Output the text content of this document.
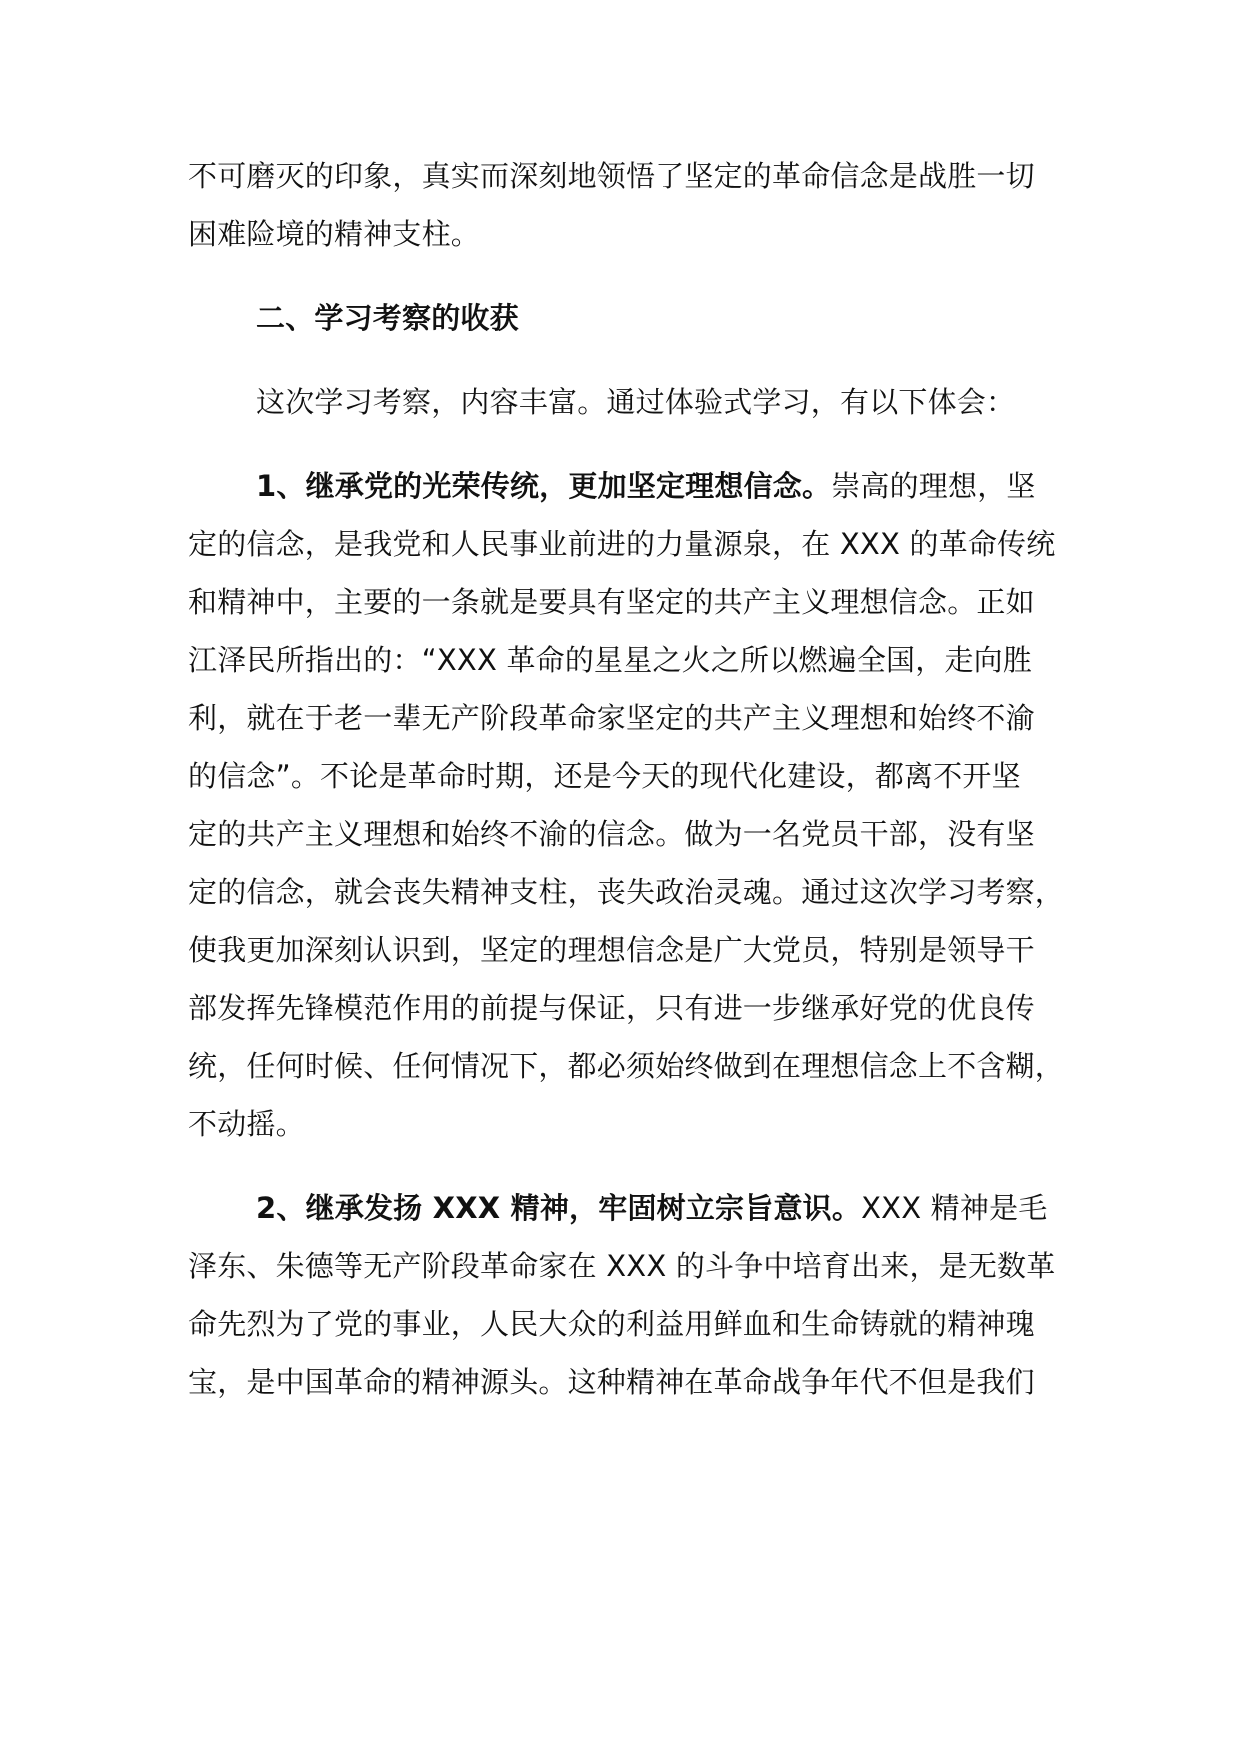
不可磨灭的印象，真实而深刻地领悟了坚定的革命信念是战胜一切
困难险境的精神支柱。
二、学习考察的收获
这次学习考察，内容丰富。通过体验式学习，有以下体会：
1、继承党的光荣传统，更加坚定理想信念。崇高的理想，坚
定的信念，是我党和人民事业前进的力量源泉，在 XXX 的革命传统
和精神中，主要的一条就是要具有坚定的共产主义理想信念。正如
江泽民所指出的：“XXX 革命的星星之火之所以燃遍全国，走向胜
利，就在于老一辈无产阶段革命家坚定的共产主义理想和始终不渝
的信念”。不论是革命时期，还是今天的现代化建设，都离不开坚
定的共产主义理想和始终不渝的信念。做为一名党员干部，没有坚
定的信念，就会丧失精神支柱，丧失政治灵魂。通过这次学习考察，
使我更加深刻认识到，坚定的理想信念是广大党员，特别是领导干
部发挥先锋模范作用的前提与保证，只有进一步继承好党的优良传
统，任何时候、任何情况下，都必须始终做到在理想信念上不含糊，
不动摇。
2、继承发扬 XXX 精神，牢固树立宗旨意识。XXX 精神是毛
泽东、朱德等无产阶段革命家在 XXX 的斗争中培育出来，是无数革
命先烈为了党的事业，人民大众的利益用鲜血和生命铸就的精神瑰
宝，是中国革命的精神源头。这种精神在革命战争年代不但是我们
